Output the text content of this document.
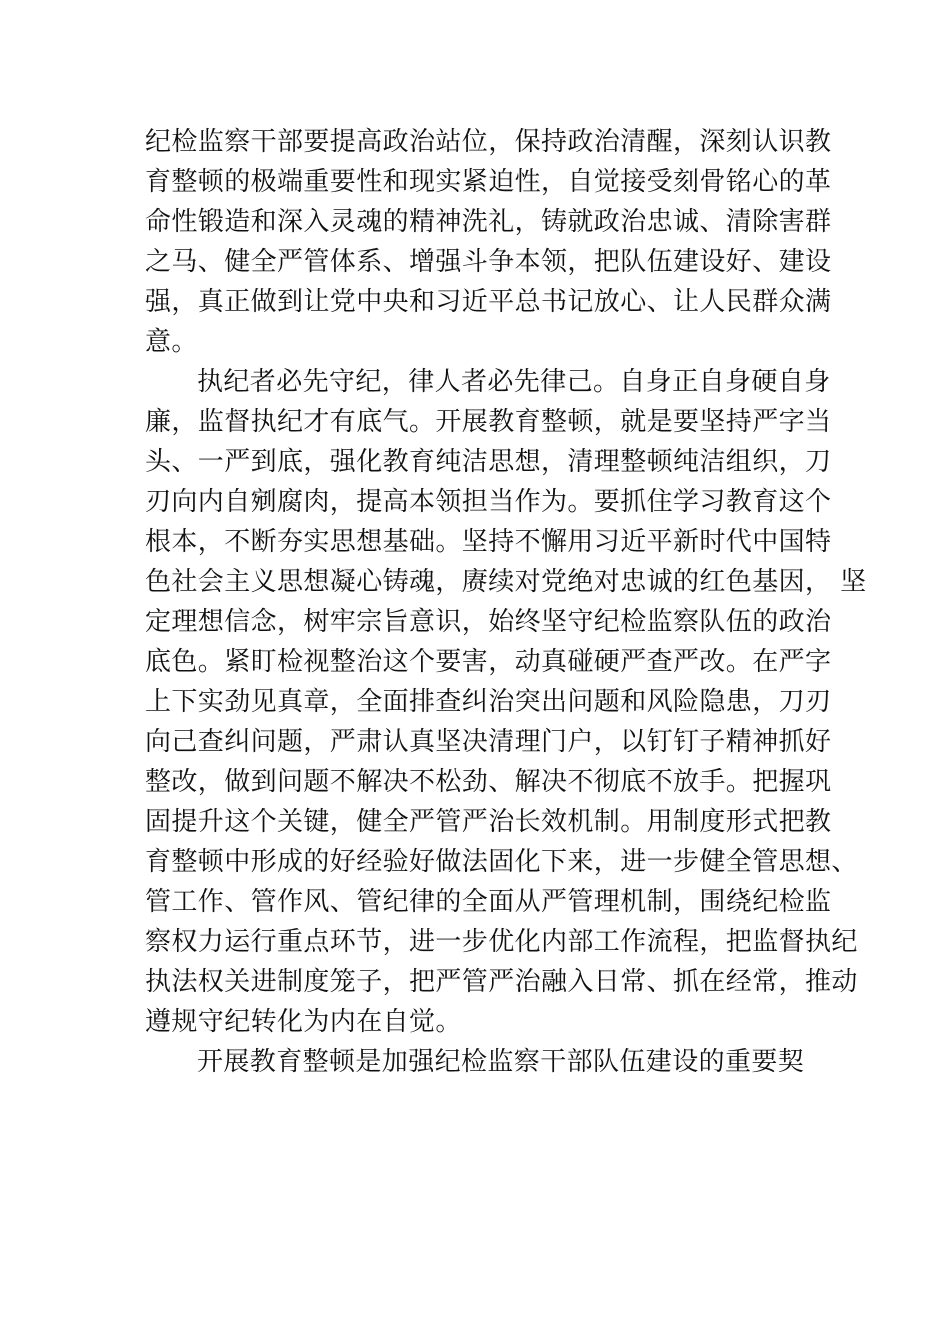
纪检监察干部要提高政治站位，保持政治清醒，深刻认识教
育整顿的极端重要性和现实紧迫性，自觉接受刻骨铭心的革
命性锻造和深入灵魂的精神洗礼，铸就政治忠诚、清除害群
之马、健全严管体系、增强斗争本领，把队伍建设好、建设
强，真正做到让党中央和习近平总书记放心、让人民群众满
意。
执纪者必先守纪，律人者必先律己。自身正自身硬自身
廉，监督执纪才有底气。开展教育整顿，就是要坚持严字当
头、一严到底，强化教育纯洁思想，清理整顿纯洁组织，刀
刃向内自剜腐肉，提高本领担当作为。要抓住学习教育这个
根本，不断夯实思想基础。坚持不懈用习近平新时代中国特
色社会主义思想凝心铸魂，赓续对党绝对忠诚的红色基因， 坚
定理想信念，树牢宗旨意识，始终坚守纪检监察队伍的政治
底色。紧盯检视整治这个要害，动真碰硬严查严改。在严字
上下实劲见真章，全面排查纠治突出问题和风险隐患，刀刃
向己查纠问题，严肃认真坚决清理门户，以钉钉子精神抓好
整改，做到问题不解决不松劲、解决不彻底不放手。把握巩
固提升这个关键，健全严管严治长效机制。用制度形式把教
育整顿中形成的好经验好做法固化下来，进一步健全管思想、
管工作、管作风、管纪律的全面从严管理机制，围绕纪检监
察权力运行重点环节，进一步优化内部工作流程，把监督执纪
执法权关进制度笼子，把严管严治融入日常、抓在经常，推动
遵规守纪转化为内在自觉。
开展教育整顿是加强纪检监察干部队伍建设的重要契
